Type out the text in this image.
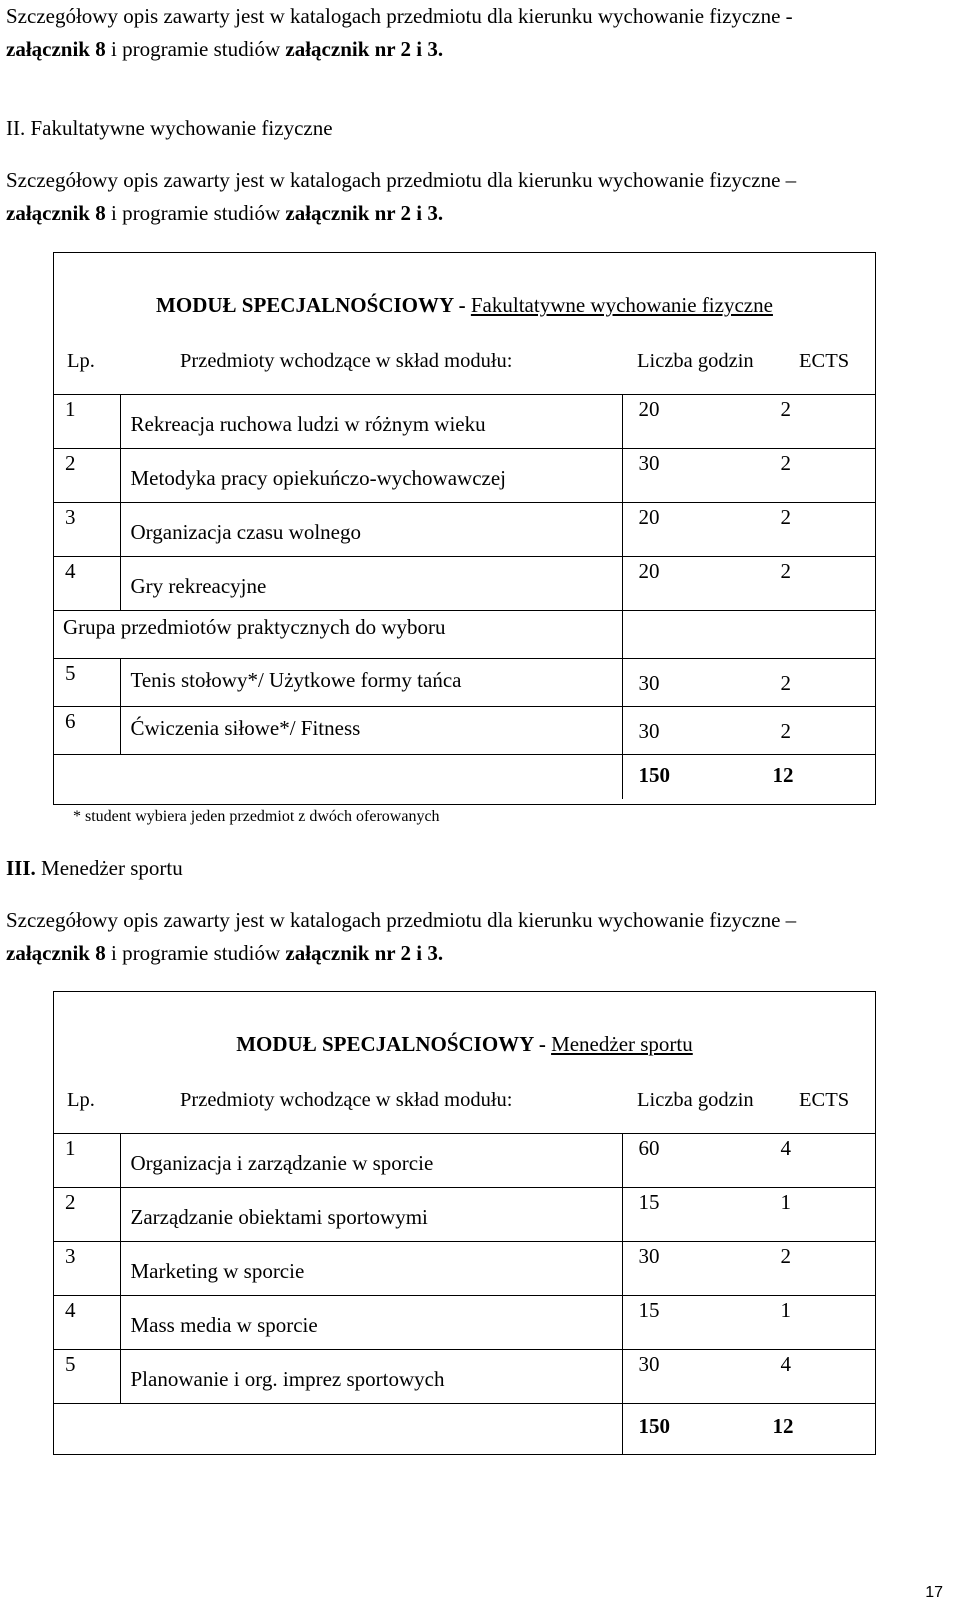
Szczegółowy opis zawarty jest w katalogach przedmiotu dla kierunku wychowanie fizyczne -
załącznik 8 i programie studiów załącznik nr 2 i 3.
II. Fakultatywne wychowanie fizyczne
Szczegółowy opis zawarty jest w katalogach przedmiotu dla kierunku wychowanie fizyczne –
załącznik 8 i programie studiów załącznik nr 2 i 3.
MODUŁ SPECJALNOŚCIOWY - Fakultatywne wychowanie fizyczne
Lp.	Przedmioty wchodzące w skład modułu:	Liczba godzin ECTS
1	Rekreacja ruchowa ludzi w różnym wieku	20 2

2	Metodyka pracy opiekuńczo-wychowawczej	30 2

3	Organizacja czasu wolnego	20 2

4	Gry rekreacyjne	20 2

Grupa przedmiotów praktycznych do wyboru		

5	Tenis stołowy*/ Użytkowe formy tańca	30 2

6	Ćwiczenia siłowe*/ Fitness	30 2

		150 12
* student wybiera jeden przedmiot z dwóch oferowanych
III. Menedżer sportu
Szczegółowy opis zawarty jest w katalogach przedmiotu dla kierunku wychowanie fizyczne –
załącznik 8 i programie studiów załącznik nr 2 i 3.
MODUŁ SPECJALNOŚCIOWY - Menedżer sportu
Lp.	Przedmioty wchodzące w skład modułu:	Liczba godzin ECTS
1	Organizacja i zarządzanie w sporcie	60 4

2	Zarządzanie obiektami sportowymi	15 1

3	Marketing w sporcie	30 2

4	Mass media w sporcie	15 1

5	Planowanie i org. imprez sportowych	30 4

		150 12
17
